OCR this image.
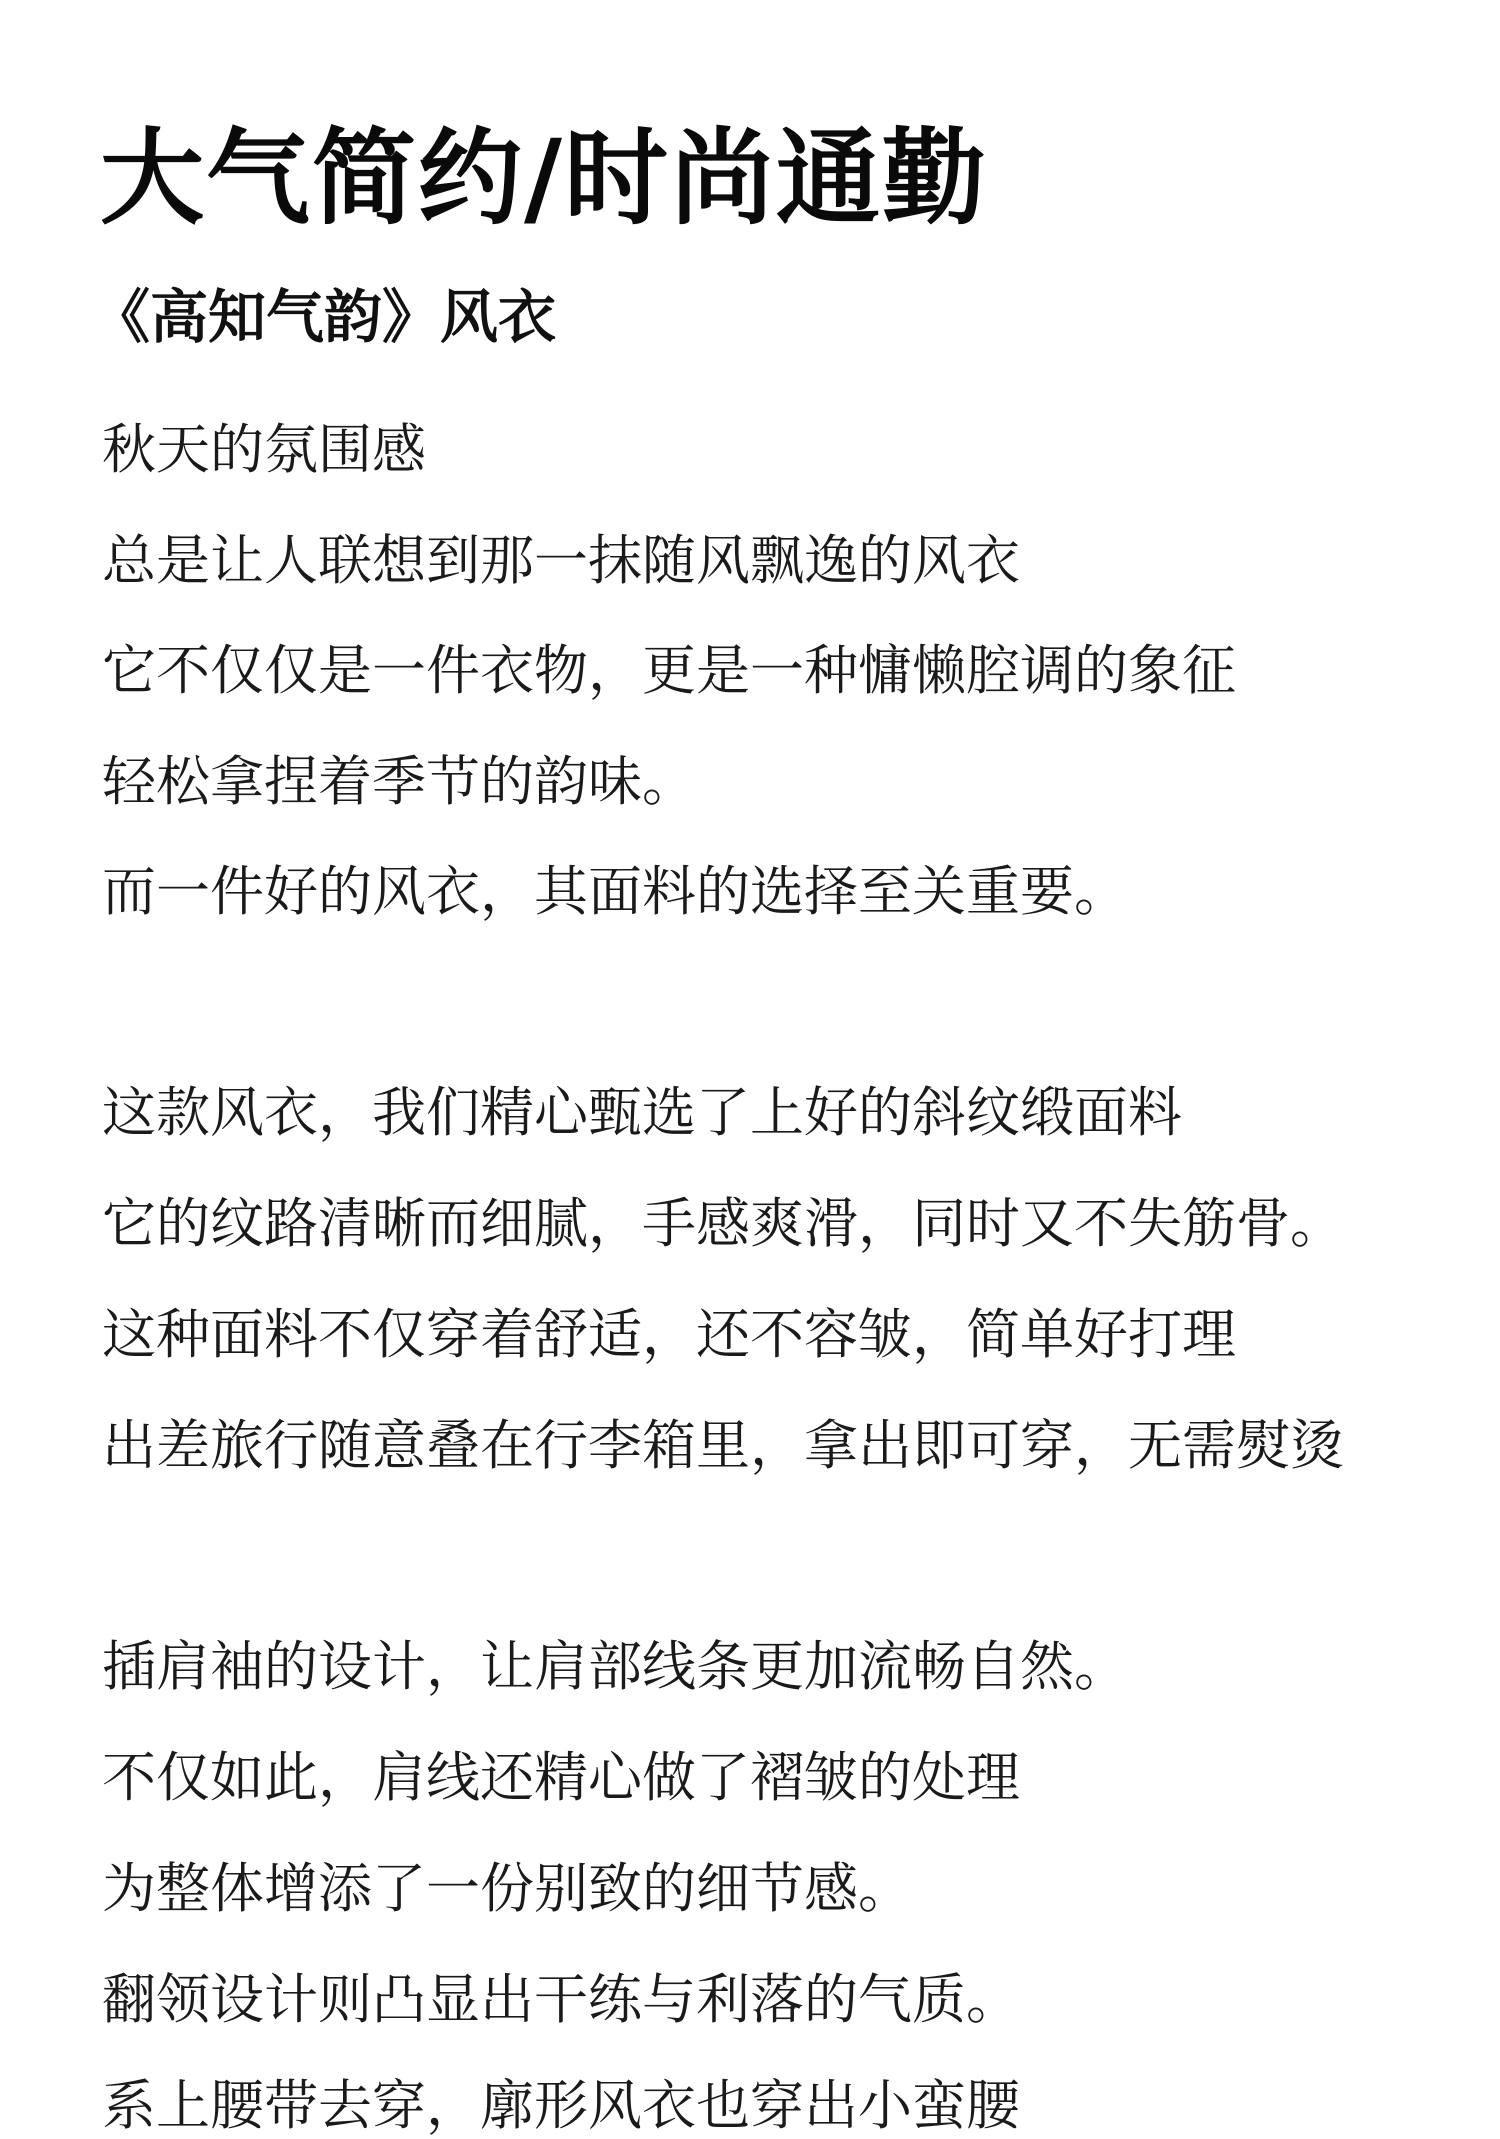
大气简约/时尚通勤
《高知气韵》风衣
秋天的氛围感
总是让人联想到那一抹随风飘逸的风衣
它不仅仅是一件衣物，更是一种慵懒腔调的象征
轻松拿捏着季节的韵味。
而一件好的风衣，其面料的选择至关重要。
这款风衣，我们精心甄选了上好的斜纹缎面料
它的纹路清晰而细腻，手感爽滑，同时又不失筋骨。
这种面料不仅穿着舒适，还不容皱，简单好打理
出差旅行随意叠在行李箱里，拿出即可穿，无需熨烫
插肩袖的设计，让肩部线条更加流畅自然。
不仅如此，肩线还精心做了褶皱的处理
为整体增添了一份别致的细节感。
翻领设计则凸显出干练与利落的气质。
系上腰带去穿，廓形风衣也穿出小蛮腰
